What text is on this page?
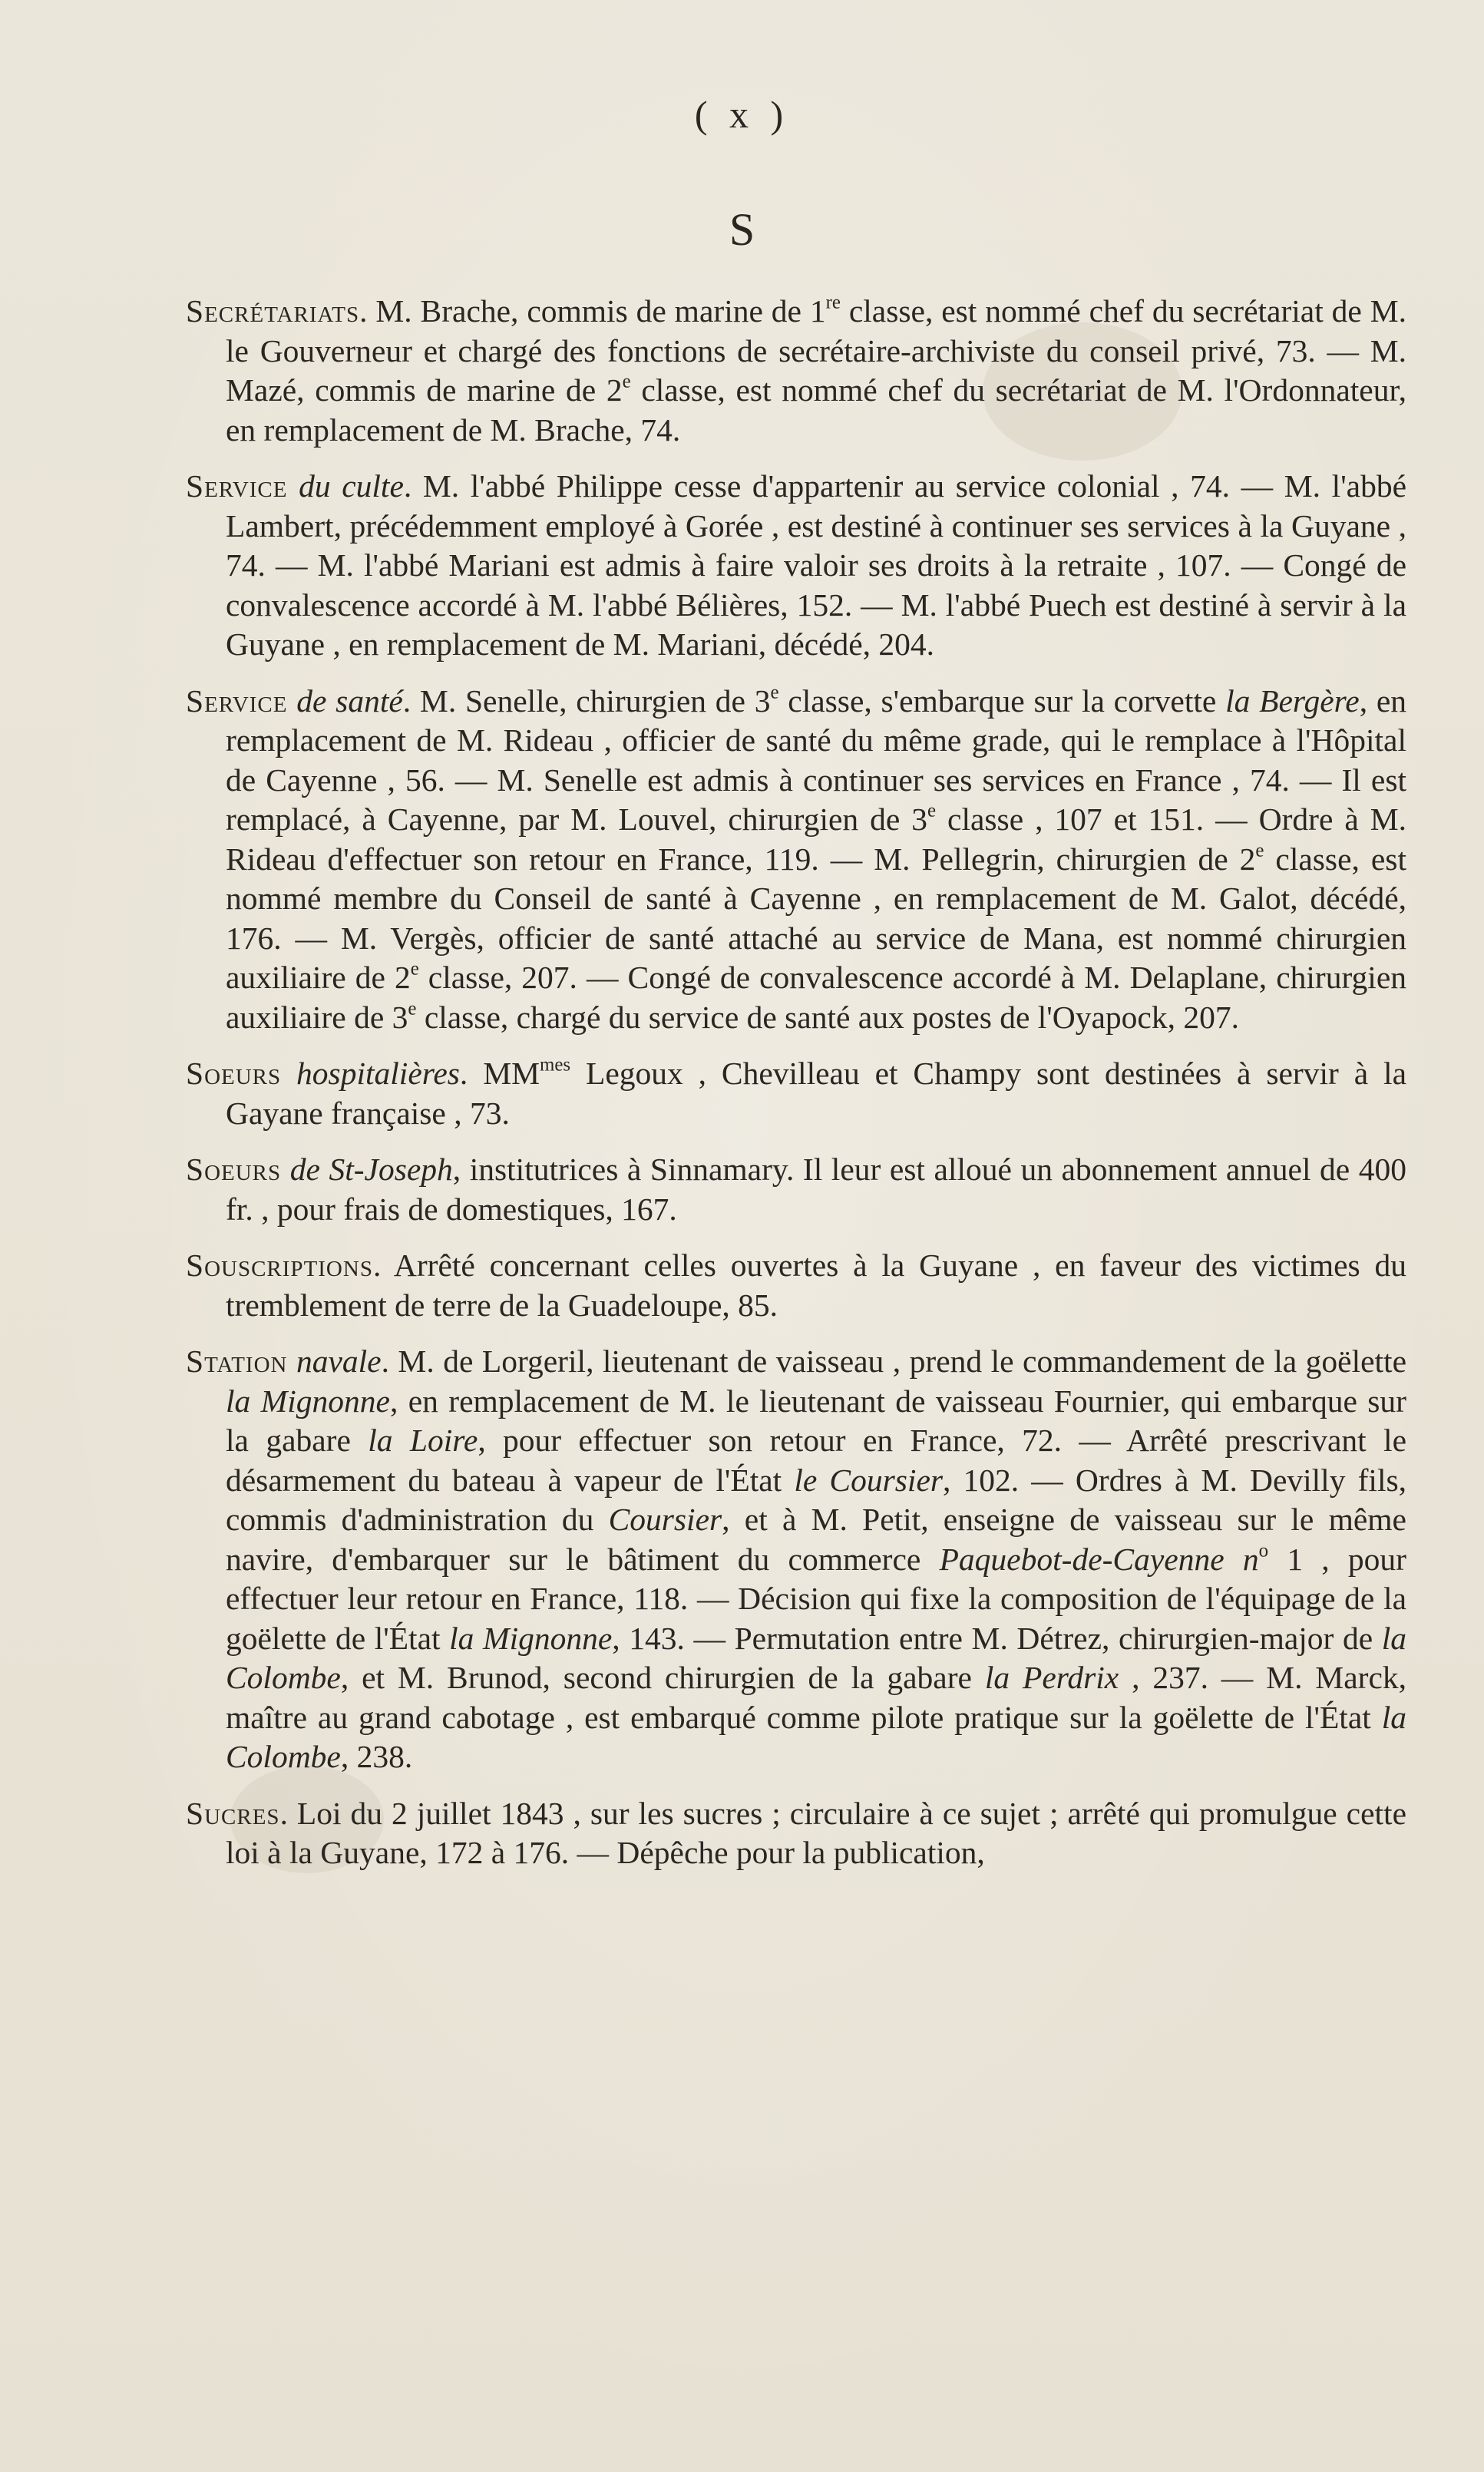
( x )
S

Secrétariats. M. Brache, commis de marine de 1re classe, est nommé chef du secrétariat de M. le Gouverneur et chargé des fonctions de secrétaire-archiviste du conseil privé, 73. — M. Mazé, commis de marine de 2e classe, est nommé chef du secrétariat de M. l'Ordonnateur, en remplacement de M. Brache, 74.

Service du culte. M. l'abbé Philippe cesse d'appartenir au service colonial , 74. — M. l'abbé Lambert, précédemment employé à Gorée , est destiné à continuer ses services à la Guyane , 74. — M. l'abbé Mariani est admis à faire valoir ses droits à la retraite , 107. — Congé de convalescence accordé à M. l'abbé Bélières, 152. — M. l'abbé Puech est destiné à servir à la Guyane , en remplacement de M. Mariani, décédé, 204.

Service de santé. M. Senelle, chirurgien de 3e classe, s'embarque sur la corvette la Bergère, en remplacement de M. Rideau , officier de santé du même grade, qui le remplace à l'Hôpital de Cayenne , 56. — M. Senelle est admis à continuer ses services en France , 74. — Il est remplacé, à Cayenne, par M. Louvel, chirurgien de 3e classe , 107 et 151. — Ordre à M. Rideau d'effectuer son retour en France, 119. — M. Pellegrin, chirurgien de 2e classe, est nommé membre du Conseil de santé à Cayenne , en remplacement de M. Galot, décédé, 176. — M. Vergès, officier de santé attaché au service de Mana, est nommé chirurgien auxiliaire de 2e classe, 207. — Congé de convalescence accordé à M. Delaplane, chirurgien auxiliaire de 3e classe, chargé du service de santé aux postes de l'Oyapock, 207.

Soeurs hospitalières. $MM^{mes}$ Legoux , Chevilleau et Champy sont destinées à servir à la Gayane française , 73.

Soeurs de St-Joseph, institutrices à Sinnamary. Il leur est alloué un abonnement annuel de 400 fr. , pour frais de domestiques, 167.

Souscriptions. Arrêté concernant celles ouvertes à la Guyane , en faveur des victimes du tremblement de terre de la Guadeloupe, 85.

Station navale. M. de Lorgeril, lieutenant de vaisseau , prend le commandement de la goëlette la Mignonne, en remplacement de M. le lieutenant de vaisseau Fournier, qui embarque sur la gabare la Loire, pour effectuer son retour en France, 72. — Arrêté prescrivant le désarmement du bateau à vapeur de l'État le Coursier, 102. — Ordres à M. Devilly fils, commis d'administration du Coursier, et à M. Petit, enseigne de vaisseau sur le même navire, d'embarquer sur le bâtiment du commerce Paquebot-de-Cayenne $n^o$ 1 , pour effectuer leur retour en France, 118. — Décision qui fixe la composition de l'équipage de la goëlette de l'État la Mignonne, 143. — Permutation entre M. Détrez, chirurgien-major de la Colombe, et M. Brunod, second chirurgien de la gabare la Perdrix , 237. — M. Marck, maître au grand cabotage , est embarqué comme pilote pratique sur la goëlette de l'État la Colombe, 238.

Sucres. Loi du 2 juillet 1843 , sur les sucres ; circulaire à ce sujet ; arrêté qui promulgue cette loi à la Guyane, 172 à 176. — Dépêche pour la publication,
